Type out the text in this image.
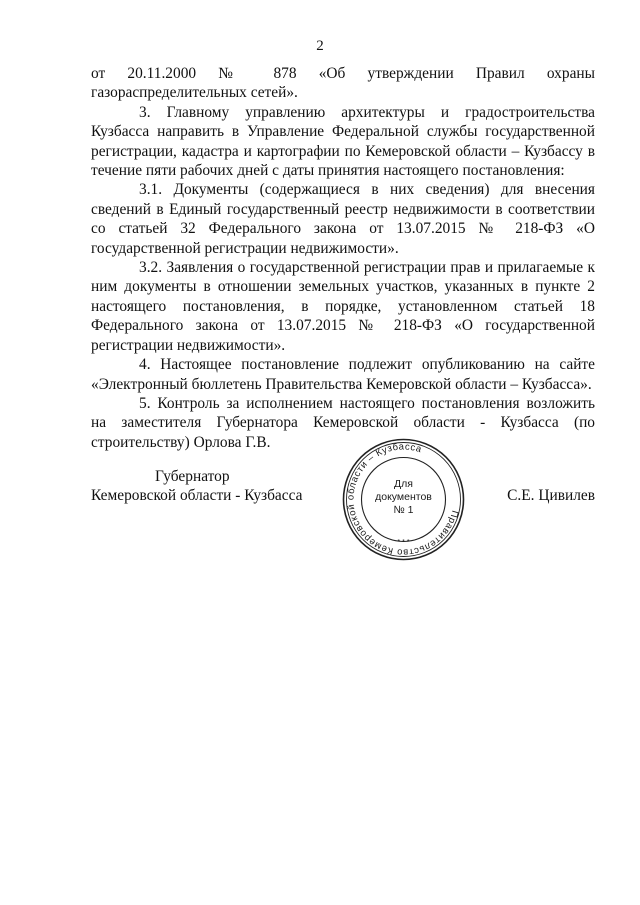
2

от 20.11.2000 № 878 «Об утверждении Правил охраны газораспределительных сетей».

3. Главному управлению архитектуры и градостроительства Кузбасса направить в Управление Федеральной службы государственной регистрации, кадастра и картографии по Кемеровской области – Кузбассу в течение пяти рабочих дней с даты принятия настоящего постановления:

3.1. Документы (содержащиеся в них сведения) для внесения сведений в Единый государственный реестр недвижимости в соответствии со статьей 32 Федерального закона от 13.07.2015 № 218-ФЗ «О государственной регистрации недвижимости».

3.2. Заявления о государственной регистрации прав и прилагаемые к ним документы в отношении земельных участков, указанных в пункте 2 настоящего постановления, в порядке, установленном статьей 18 Федерального закона от 13.07.2015 № 218-ФЗ «О государственной регистрации недвижимости».

4. Настоящее постановление подлежит опубликованию на сайте «Электронный бюллетень Правительства Кемеровской области – Кузбасса».

5. Контроль за исполнением настоящего постановления возложить на заместителя Губернатора Кемеровской области - Кузбасса (по строительству) Орлова Г.В.

Губернатор
Кемеровской области - Кузбасса
Правительство Кемеровской области – Кузбасса
Для
документов
№ 1
* * *
С.Е. Цивилев
